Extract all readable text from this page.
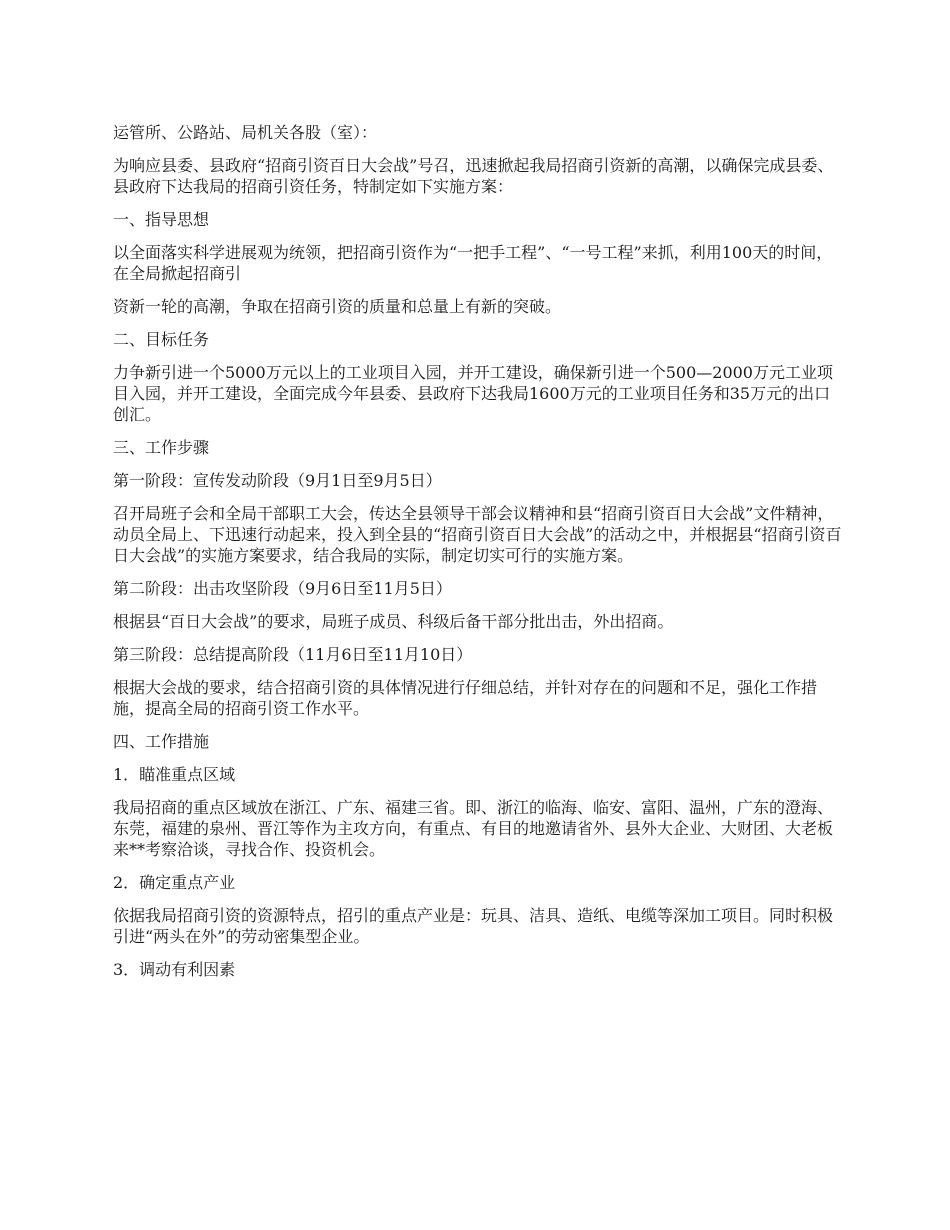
运管所、公路站、局机关各股（室）：

为响应县委、县政府“招商引资百日大会战”号召，迅速掀起我局招商引资新的高潮，以确保完成县委、县政府下达我局的招商引资任务，特制定如下实施方案：

一、指导思想

以全面落实科学进展观为统领，把招商引资作为“一把手工程”、“一号工程”来抓，利用100天的时间，在全局掀起招商引

资新一轮的高潮，争取在招商引资的质量和总量上有新的突破。

二、目标任务

力争新引进一个5000万元以上的工业项目入园，并开工建设，确保新引进一个500—2000万元工业项目入园，并开工建设，全面完成今年县委、县政府下达我局1600万元的工业项目任务和35万元的出口创汇。

三、工作步骤

第一阶段：宣传发动阶段（9月1日至9月5日）

召开局班子会和全局干部职工大会，传达全县领导干部会议精神和县“招商引资百日大会战”文件精神，动员全局上、下迅速行动起来，投入到全县的“招商引资百日大会战”的活动之中，并根据县“招商引资百日大会战”的实施方案要求，结合我局的实际，制定切实可行的实施方案。

第二阶段：出击攻坚阶段（9月6日至11月5日）

根据县“百日大会战”的要求，局班子成员、科级后备干部分批出击，外出招商。

第三阶段：总结提高阶段（11月6日至11月10日）

根据大会战的要求，结合招商引资的具体情况进行仔细总结，并针对存在的问题和不足，强化工作措施，提高全局的招商引资工作水平。

四、工作措施

1．瞄准重点区域

我局招商的重点区域放在浙江、广东、福建三省。即、浙江的临海、临安、富阳、温州，广东的澄海、东莞，福建的泉州、晋江等作为主攻方向，有重点、有目的地邀请省外、县外大企业、大财团、大老板来**考察洽谈，寻找合作、投资机会。

2．确定重点产业

依据我局招商引资的资源特点，招引的重点产业是：玩具、洁具、造纸、电缆等深加工项目。同时积极引进“两头在外”的劳动密集型企业。

3．调动有利因素
